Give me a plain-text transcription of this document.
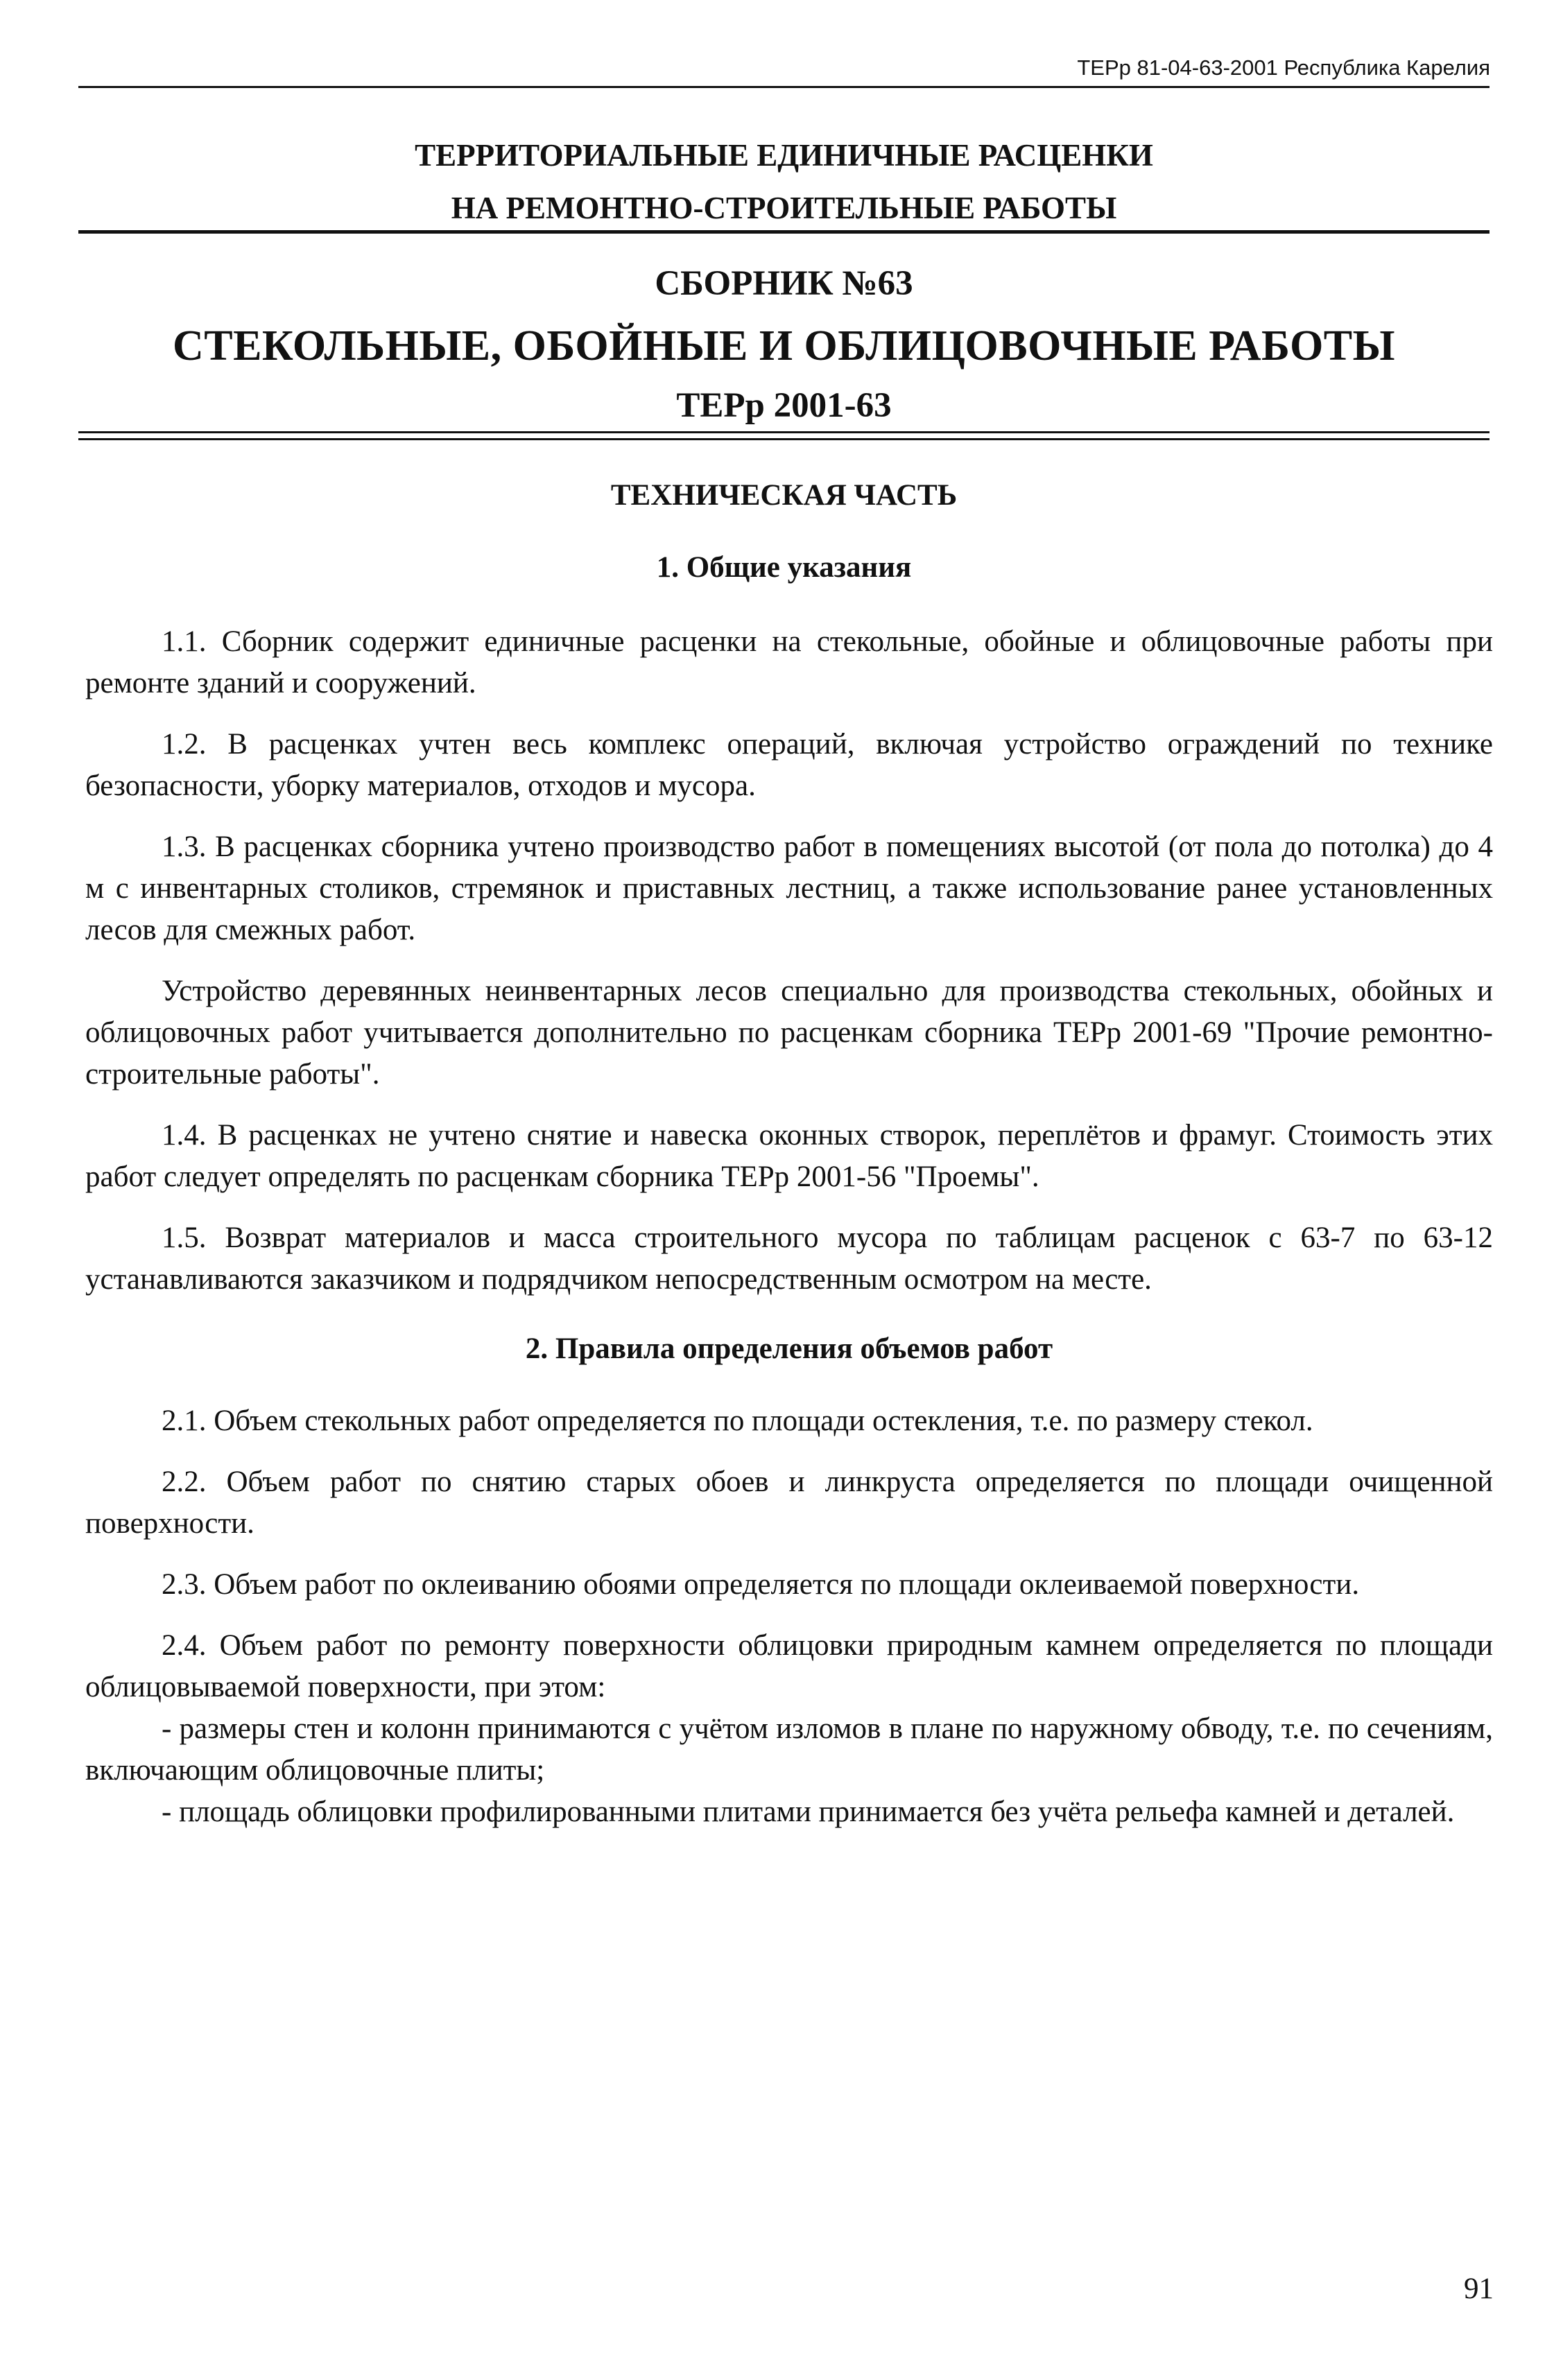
ТЕРр 81-04-63-2001 Республика Карелия
ТЕРРИТОРИАЛЬНЫЕ ЕДИНИЧНЫЕ РАСЦЕНКИ
НА РЕМОНТНО-СТРОИТЕЛЬНЫЕ РАБОТЫ
СБОРНИК №63
СТЕКОЛЬНЫЕ, ОБОЙНЫЕ И ОБЛИЦОВОЧНЫЕ РАБОТЫ
ТЕРр 2001-63
ТЕХНИЧЕСКАЯ ЧАСТЬ
1. Общие указания

1.1. Сборник содержит единичные расценки на стекольные, обойные и облицовочные работы при ремонте зданий и сооружений.

1.2. В расценках учтен весь комплекс операций, включая устройство ограждений по технике безопасности, уборку материалов, отходов и мусора.

1.3. В расценках сборника учтено производство работ в помещениях высотой (от пола до потолка) до 4 м с инвентарных столиков, стремянок и приставных лестниц, а также использование ранее установленных лесов для смежных работ.

Устройство деревянных неинвентарных лесов специально для производства стекольных, обойных и облицовочных работ учитывается дополнительно по расценкам сборника ТЕРр 2001-69 "Прочие ремонтно-строительные работы".

1.4. В расценках не учтено снятие и навеска оконных створок, переплётов и фрамуг. Стоимость этих работ следует определять по расценкам сборника ТЕРр 2001-56 "Проемы".

1.5. Возврат материалов и масса строительного мусора по таблицам расценок с 63-7 по 63-12 устанавливаются заказчиком и подрядчиком непосредственным осмотром на месте.

2. Правила определения объемов работ

2.1. Объем стекольных работ определяется по площади остекления, т.е. по размеру стекол.

2.2. Объем работ по снятию старых обоев и линкруста определяется по площади очищенной поверхности.

2.3. Объем работ по оклеиванию обоями определяется по площади оклеиваемой поверхности.

2.4. Объем работ по ремонту поверхности облицовки природным камнем определяется по площади облицовываемой поверхности, при этом:

- размеры стен и колонн принимаются с учётом изломов в плане по наружному обводу, т.е. по сечениям, включающим облицовочные плиты;

- площадь облицовки профилированными плитами принимается без учёта рельефа камней и деталей.

91
